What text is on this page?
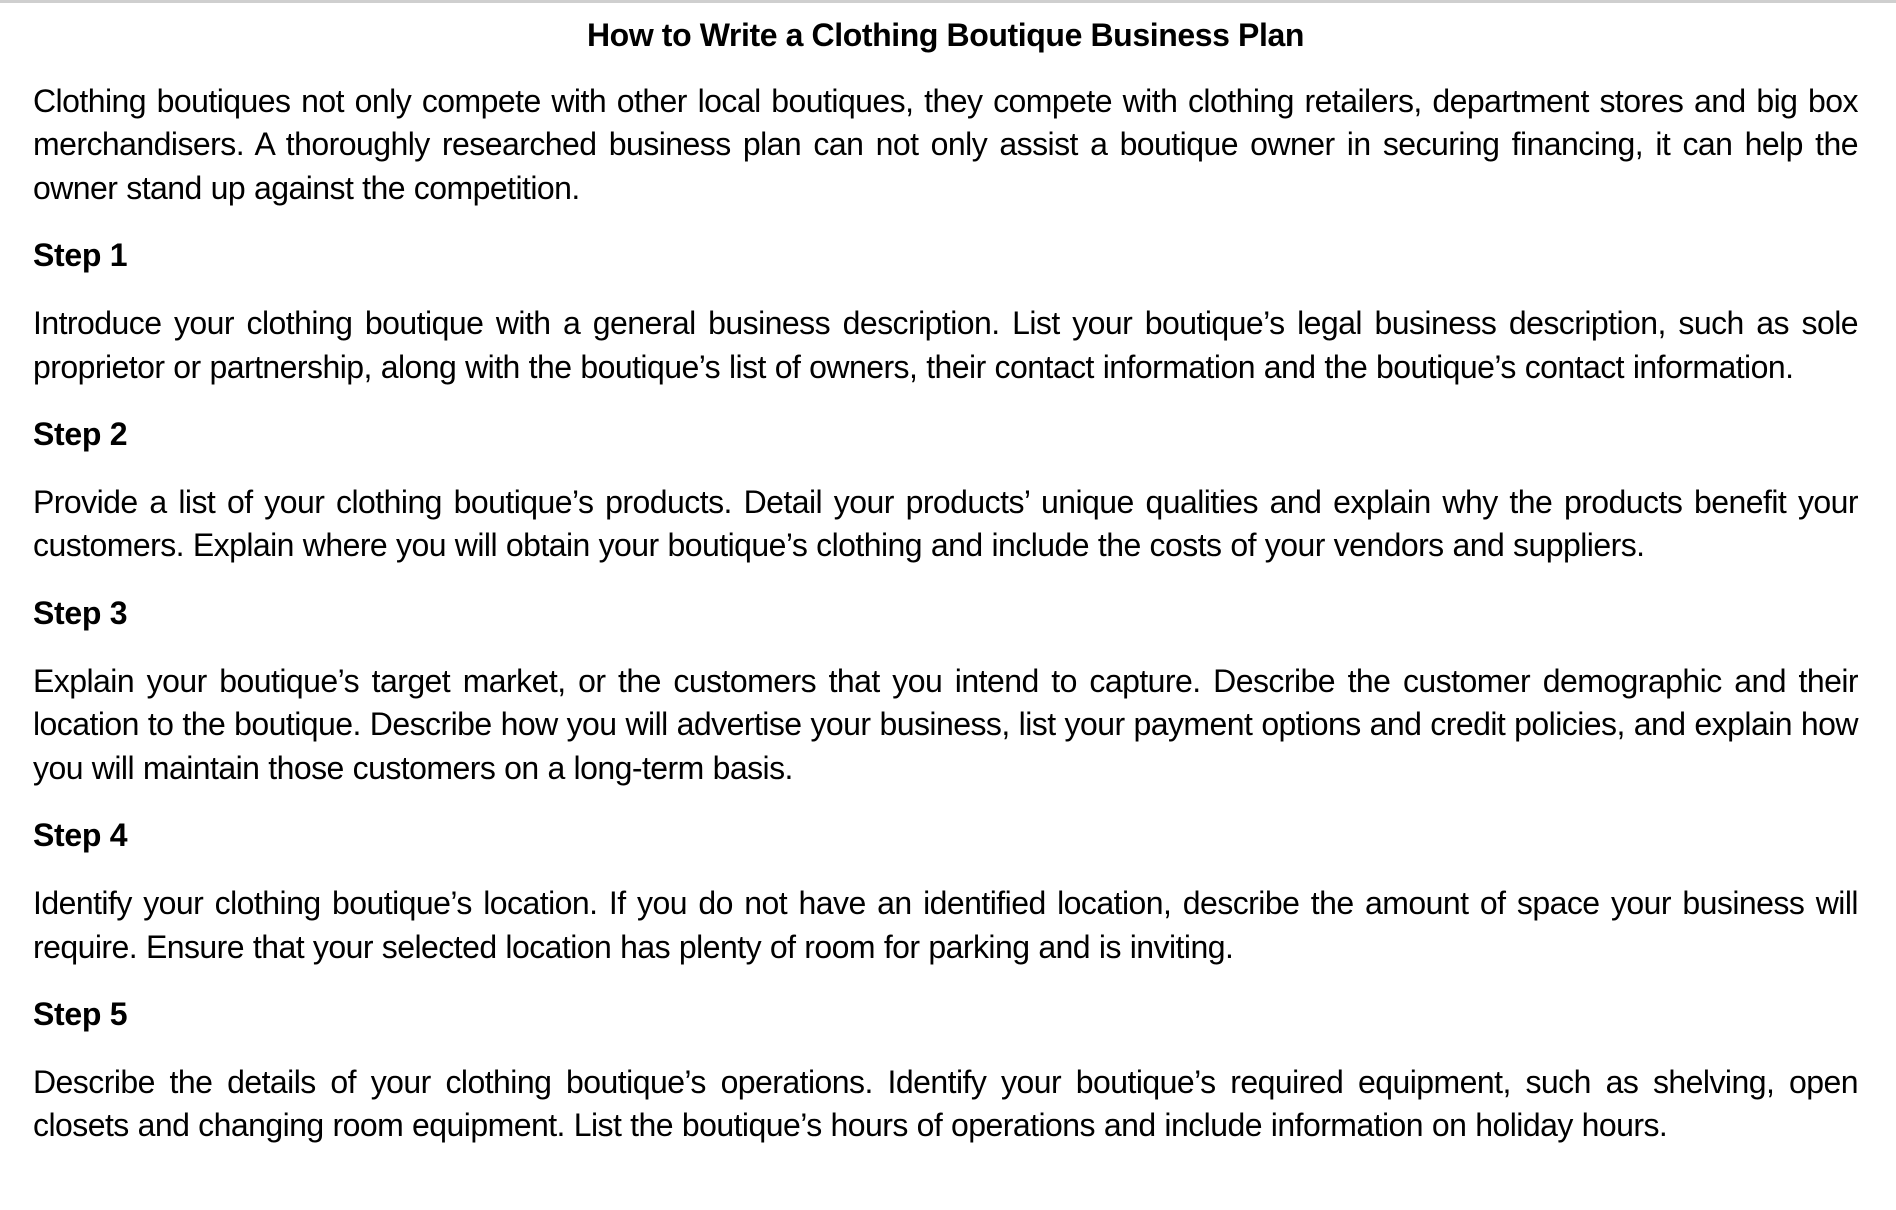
How to Write a Clothing Boutique Business Plan

Clothing boutiques not only compete with other local boutiques, they compete with clothing retailers, department stores and big box merchandisers. A thoroughly researched business plan can not only assist a boutique owner in securing financing, it can help the owner stand up against the competition.

Step 1

Introduce your clothing boutique with a general business description. List your boutique’s legal business description, such as sole proprietor or partnership, along with the boutique’s list of owners, their contact information and the boutique’s contact information.

Step 2

Provide a list of your clothing boutique’s products. Detail your products’ unique qualities and explain why the products benefit your customers. Explain where you will obtain your boutique’s clothing and include the costs of your vendors and suppliers.

Step 3

Explain your boutique’s target market, or the customers that you intend to capture. Describe the customer demographic and their location to the boutique. Describe how you will advertise your business, list your payment options and credit policies, and explain how you will maintain those customers on a long-term basis.

Step 4

Identify your clothing boutique’s location. If you do not have an identified location, describe the amount of space your business will require. Ensure that your selected location has plenty of room for parking and is inviting.

Step 5

Describe the details of your clothing boutique’s operations. Identify your boutique’s required equipment, such as shelving, open closets and changing room equipment. List the boutique’s hours of operations and include information on holiday hours.
